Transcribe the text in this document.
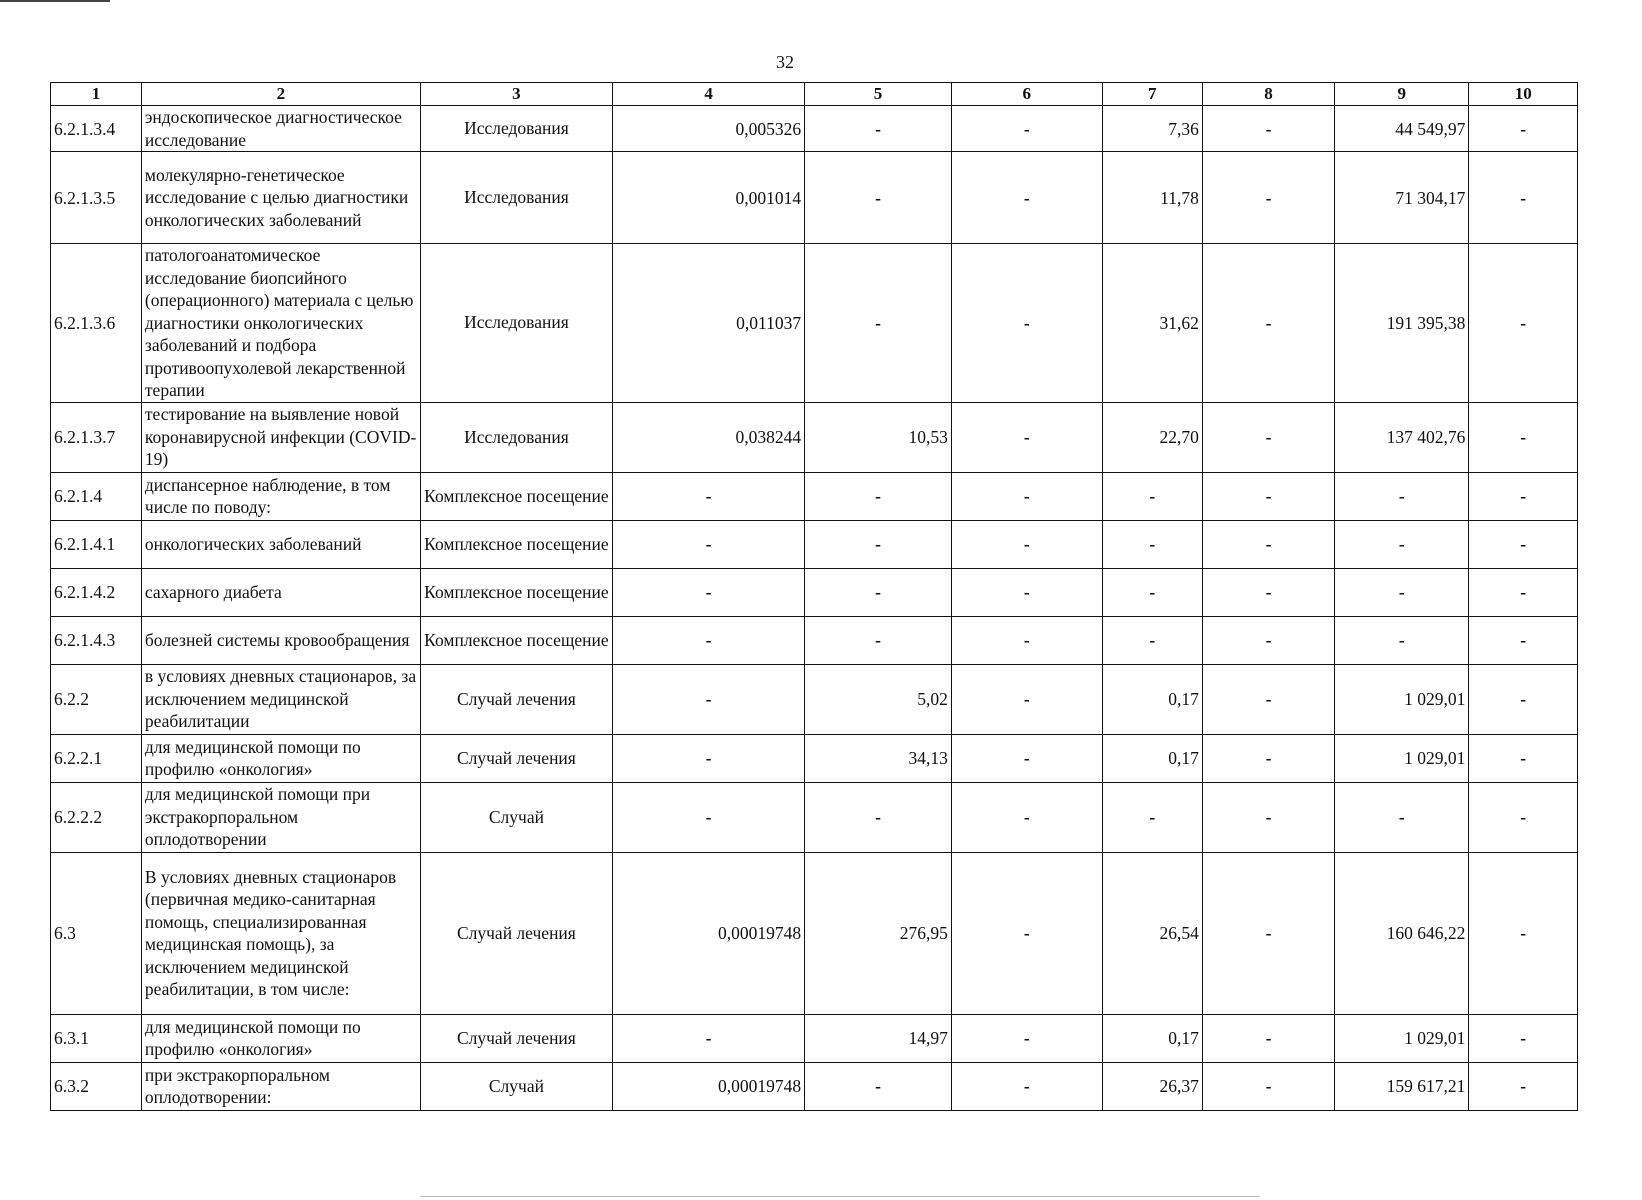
32
1	2	3	4	5	6	7	8	9	10
6.2.1.3.4	эндоскопическое диагностическое исследование	Исследования	0,005326	-	-	7,36	-	44 549,97	-
6.2.1.3.5	молекулярно-генетическое исследование с целью диагностики онкологических заболеваний	Исследования	0,001014	-	-	11,78	-	71 304,17	-
6.2.1.3.6	патологоанатомическое исследование биопсийного (операционного) материала с целью диагностики онкологических заболеваний и подбора противоопухолевой лекарственной терапии	Исследования	0,011037	-	-	31,62	-	191 395,38	-
6.2.1.3.7	тестирование на выявление новой коронавирусной инфекции (COVID-19)	Исследования	0,038244	10,53	-	22,70	-	137 402,76	-
6.2.1.4	диспансерное наблюдение, в том числе по поводу:	Комплексное посещение	-	-	-	-	-	-	-
6.2.1.4.1	онкологических заболеваний	Комплексное посещение	-	-	-	-	-	-	-
6.2.1.4.2	сахарного диабета	Комплексное посещение	-	-	-	-	-	-	-
6.2.1.4.3	болезней системы кровообращения	Комплексное посещение	-	-	-	-	-	-	-
6.2.2	в условиях дневных стационаров, за исключением медицинской реабилитации	Случай лечения	-	5,02	-	0,17	-	1 029,01	-
6.2.2.1	для медицинской помощи по профилю «онкология»	Случай лечения	-	34,13	-	0,17	-	1 029,01	-
6.2.2.2	для медицинской помощи при экстракорпоральном оплодотворении	Случай	-	-	-	-	-	-	-
6.3	В условиях дневных стационаров (первичная медико-санитарная помощь, специализированная медицинская помощь), за исключением медицинской реабилитации, в том числе:	Случай лечения	0,00019748	276,95	-	26,54	-	160 646,22	-
6.3.1	для медицинской помощи по профилю «онкология»	Случай лечения	-	14,97	-	0,17	-	1 029,01	-
6.3.2	при экстракорпоральном оплодотворении:	Случай	0,00019748	-	-	26,37	-	159 617,21	-
